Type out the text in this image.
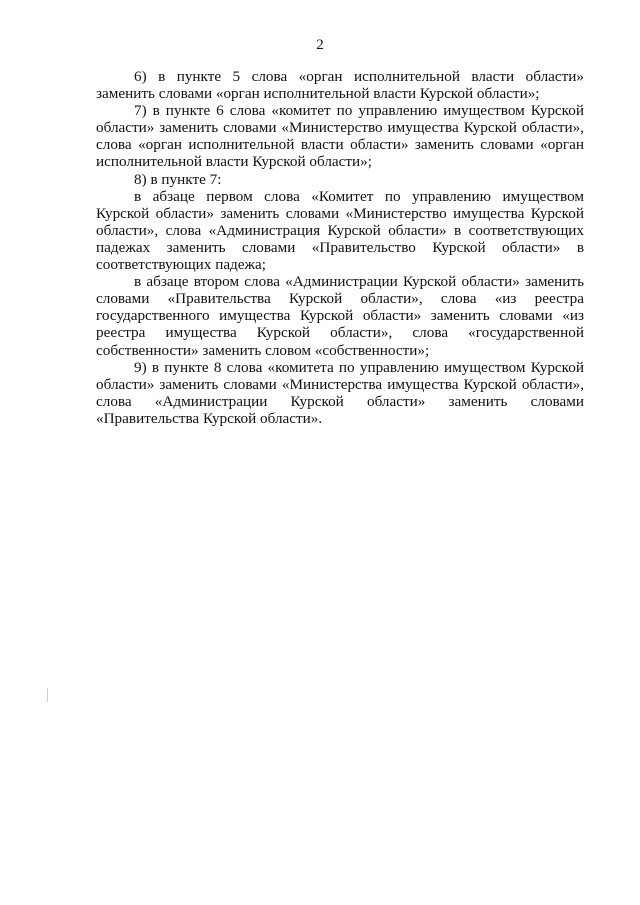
2

6) в пункте 5 слова «орган исполнительной власти области» заменить словами «орган исполнительной власти Курской области»;

7) в пункте 6 слова «комитет по управлению имуществом Курской области» заменить словами «Министерство имущества Курской области», слова «орган исполнительной власти области» заменить словами «орган исполнительной власти Курской области»;

8) в пункте 7:

в абзаце первом слова «Комитет по управлению имуществом Курской области» заменить словами «Министерство имущества Курской области», слова «Администрация Курской области» в соответствующих падежах заменить словами «Правительство Курской области» в соответствующих падежа;

в абзаце втором слова «Администрации Курской области» заменить словами «Правительства Курской области», слова «из реестра государственного имущества Курской области» заменить словами «из реестра имущества Курской области», слова «государственной собственности» заменить словом «собственности»;

9) в пункте 8 слова «комитета по управлению имуществом Курской области» заменить словами «Министерства имущества Курской области», слова «Администрации Курской области» заменить словами «Правительства Курской области».
